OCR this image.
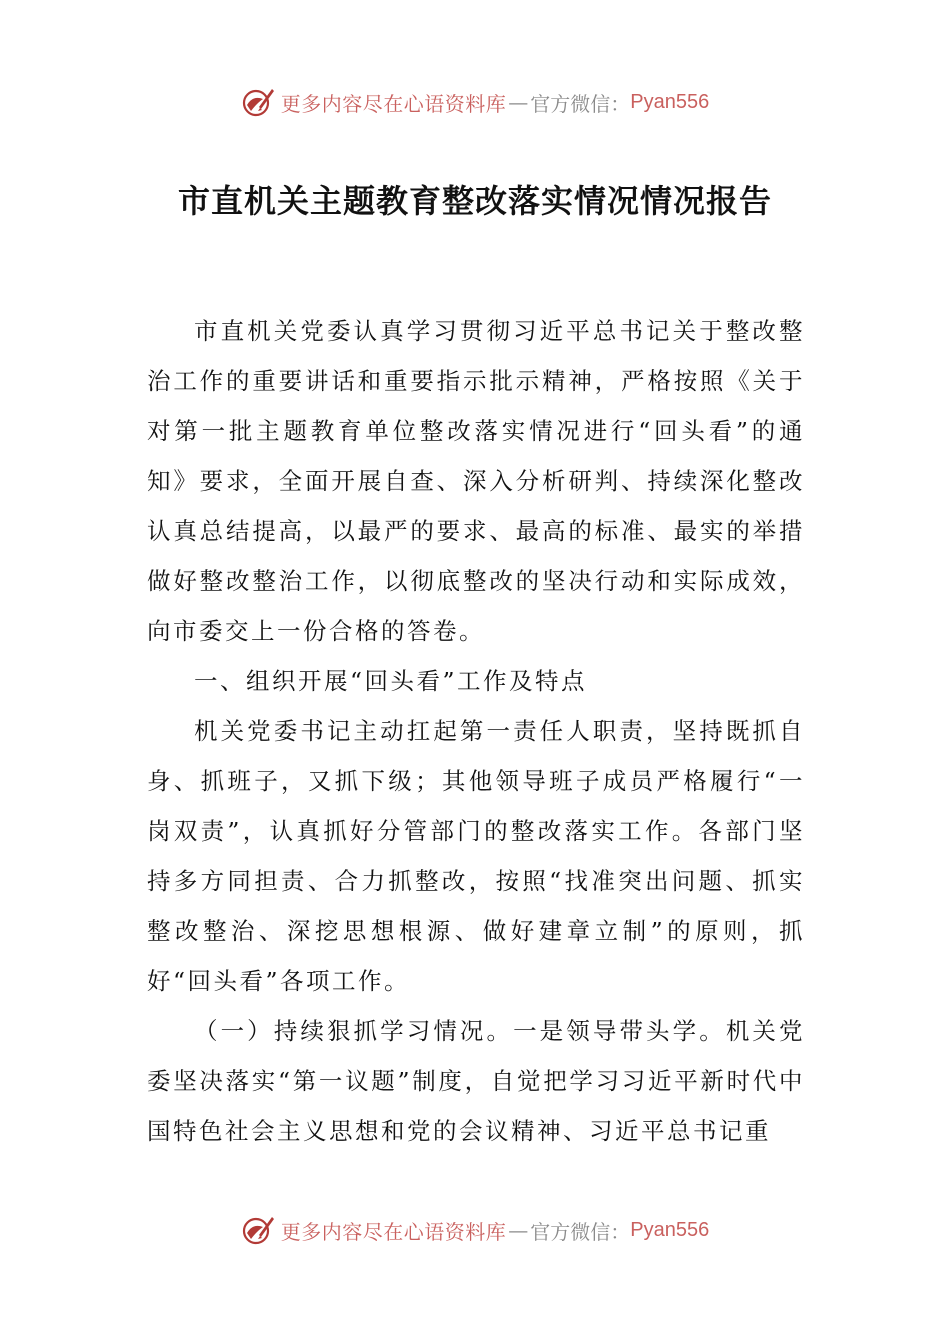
更多内容尽在心语资料库 — 官方微信： Pyan556
市直机关主题教育整改落实情况情况报告

市直机关党委认真学习贯彻习近平总书记关于整改整治工作的重要讲话和重要指示批示精神，严格按照《关于对第一批主题教育单位整改落实情况进行“回头看”的通知》要求，全面开展自查、深入分析研判、持续深化整改认真总结提高，以最严的要求、最高的标准、最实的举措做好整改整治工作，以彻底整改的坚决行动和实际成效，向市委交上一份合格的答卷。

一、组织开展“回头看”工作及特点

机关党委书记主动扛起第一责任人职责，坚持既抓自身、抓班子，又抓下级；其他领导班子成员严格履行“一岗双责”，认真抓好分管部门的整改落实工作。各部门坚持多方同担责、合力抓整改，按照“找准突出问题、抓实整改整治、深挖思想根源、做好建章立制”的原则，抓好“回头看”各项工作。

（一）持续狠抓学习情况。一是领导带头学。机关党委坚决落实“第一议题”制度，自觉把学习习近平新时代中国特色社会主义思想和党的会议精神、习近平总书记重

更多内容尽在心语资料库 — 官方微信： Pyan556
